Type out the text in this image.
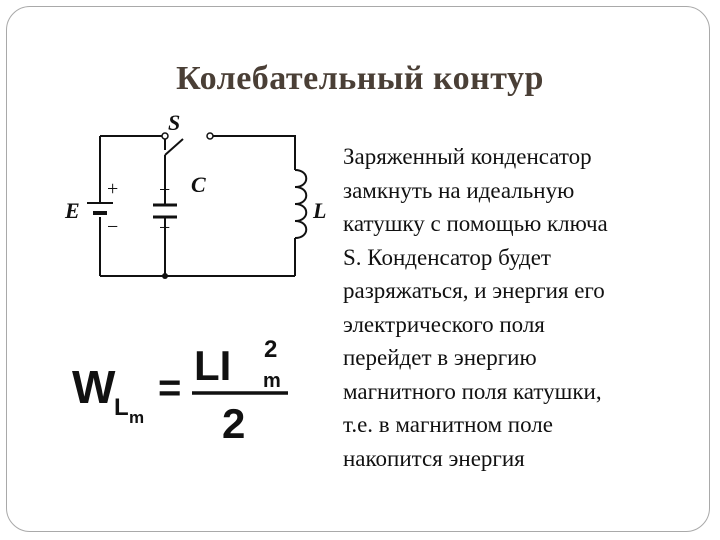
Колебательный контур
E
+
−
+
−
S
C
L
W
L m
= LI 2
m
2
Заряженный конденсатор
замкнуть на идеальную
катушку с помощью ключа
S. Конденсатор будет
разряжаться, и энергия его
электрического поля
перейдет в энергию
магнитного поля катушки,
т.е. в магнитном поле
накопится энергия
